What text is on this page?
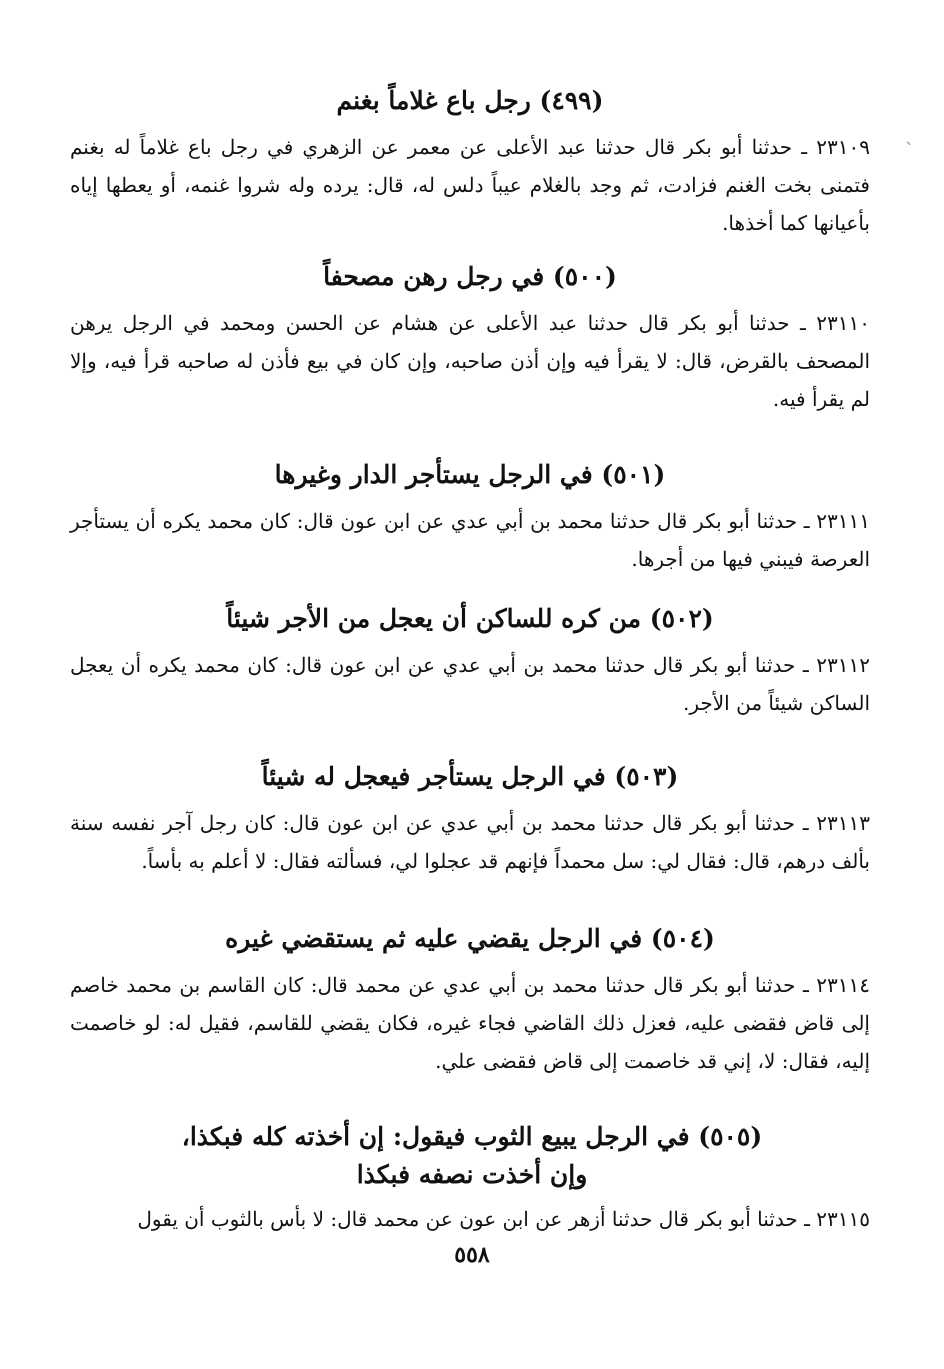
(٤٩٩) رجل باع غلاماً بغنم

٢٣١٠٩ ـ حدثنا أبو بكر قال حدثنا عبد الأعلى عن معمر عن الزهري في رجل باع غلاماً له بغنم فتمنى بخت الغنم فزادت، ثم وجد بالغلام عيباً دلس له، قال: يرده وله شروا غنمه، أو يعطها إياه بأعيانها كما أخذها.

(٥٠٠) في رجل رهن مصحفاً

٢٣١١٠ ـ حدثنا أبو بكر قال حدثنا عبد الأعلى عن هشام عن الحسن ومحمد في الرجل يرهن المصحف بالقرض، قال: لا يقرأ فيه وإن أذن صاحبه، وإن كان في بيع فأذن له صاحبه قرأ فيه، وإلا لم يقرأ فيه.

(٥٠١) في الرجل يستأجر الدار وغيرها

٢٣١١١ ـ حدثنا أبو بكر قال حدثنا محمد بن أبي عدي عن ابن عون قال: كان محمد يكره أن يستأجر العرصة فيبني فيها من أجرها.

(٥٠٢) من كره للساكن أن يعجل من الأجر شيئاً

٢٣١١٢ ـ حدثنا أبو بكر قال حدثنا محمد بن أبي عدي عن ابن عون قال: كان محمد يكره أن يعجل الساكن شيئاً من الأجر.

(٥٠٣) في الرجل يستأجر فيعجل له شيئاً

٢٣١١٣ ـ حدثنا أبو بكر قال حدثنا محمد بن أبي عدي عن ابن عون قال: كان رجل آجر نفسه سنة بألف درهم، قال: فقال لي: سل محمداً فإنهم قد عجلوا لي، فسألته فقال: لا أعلم به بأساً.

(٥٠٤) في الرجل يقضي عليه ثم يستقضي غيره

٢٣١١٤ ـ حدثنا أبو بكر قال حدثنا محمد بن أبي عدي عن محمد قال: كان القاسم بن محمد خاصم إلى قاض فقضى عليه، فعزل ذلك القاضي فجاء غيره، فكان يقضي للقاسم، فقيل له: لو خاصمت إليه، فقال: لا، إني قد خاصمت إلى قاض فقضى علي.

(٥٠٥) في الرجل يبيع الثوب فيقول: إن أخذته كله فبكذا، وإن أخذت نصفه فبكذا

٢٣١١٥ ـ حدثنا أبو بكر قال حدثنا أزهر عن ابن عون عن محمد قال: لا بأس بالثوب أن يقول

٥٥٨
`
